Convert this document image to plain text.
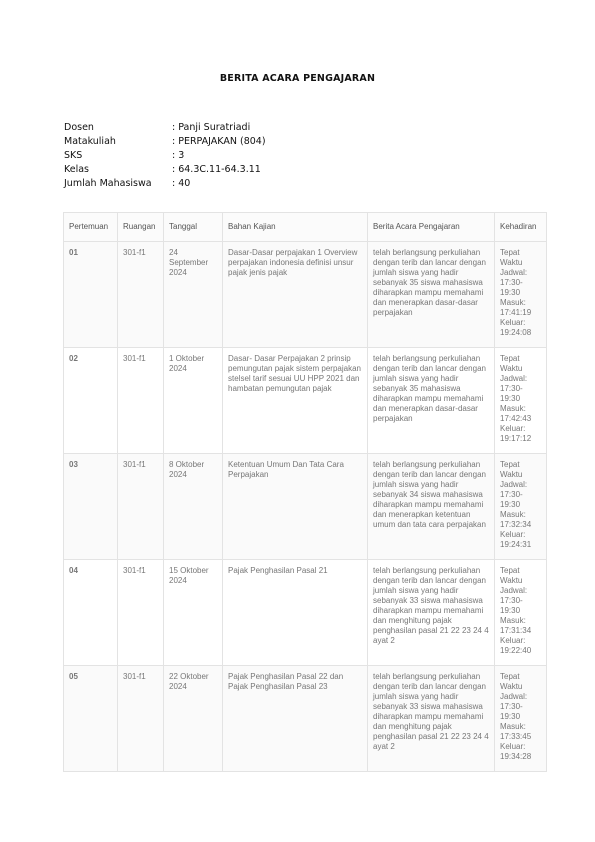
BERITA ACARA PENGAJARAN
Dosen	: Panji Suratriadi
Matakuliah	: PERPAJAKAN (804)
SKS	: 3
Kelas	: 64.3C.11-64.3.11
Jumlah Mahasiswa	: 40
Pertemuan	Ruangan	Tanggal	Bahan Kajian	Berita Acara Pengajaran	Kehadiran
01	301-f1	24 September 2024	Dasar-Dasar perpajakan 1 Overview perpajakan indonesia definisi unsur pajak jenis pajak	telah berlangsung perkuliahan dengan terib dan lancar dengan jumlah siswa yang hadir sebanyak 35 siswa mahasiswa diharapkan mampu memahami dan menerapkan dasar-dasar perpajakan	Tepat Waktu Jadwal: 17:30- 19:30 Masuk: 17:41:19 Keluar: 19:24:08
02	301-f1	1 Oktober 2024	Dasar- Dasar Perpajakan 2 prinsip pemungutan pajak sistem perpajakan stelsel tarif sesuai UU HPP 2021 dan hambatan pemungutan pajak	telah berlangsung perkuliahan dengan terib dan lancar dengan jumlah siswa yang hadir sebanyak 35 mahasiswa diharapkan mampu memahami dan menerapkan dasar-dasar perpajakan	Tepat Waktu Jadwal: 17:30- 19:30 Masuk: 17:42:43 Keluar: 19:17:12
03	301-f1	8 Oktober 2024	Ketentuan Umum Dan Tata Cara Perpajakan	telah berlangsung perkuliahan dengan terib dan lancar dengan jumlah siswa yang hadir sebanyak 34 siswa mahasiswa diharapkan mampu memahami dan menerapkan ketentuan umum dan tata cara perpajakan	Tepat Waktu Jadwal: 17:30- 19:30 Masuk: 17:32:34 Keluar: 19:24:31
04	301-f1	15 Oktober 2024	Pajak Penghasilan Pasal 21	telah berlangsung perkuliahan dengan terib dan lancar dengan jumlah siswa yang hadir sebanyak 33 siswa mahasiswa diharapkan mampu memahami dan menghitung pajak penghasilan pasal 21 22 23 24 4 ayat 2	Tepat Waktu Jadwal: 17:30- 19:30 Masuk: 17:31:34 Keluar: 19:22:40
05	301-f1	22 Oktober 2024	Pajak Penghasilan Pasal 22 dan Pajak Penghasilan Pasal 23	telah berlangsung perkuliahan dengan terib dan lancar dengan jumlah siswa yang hadir sebanyak 33 siswa mahasiswa diharapkan mampu memahami dan menghitung pajak penghasilan pasal 21 22 23 24 4 ayat 2	Tepat Waktu Jadwal: 17:30- 19:30 Masuk: 17:33:45 Keluar: 19:34:28
